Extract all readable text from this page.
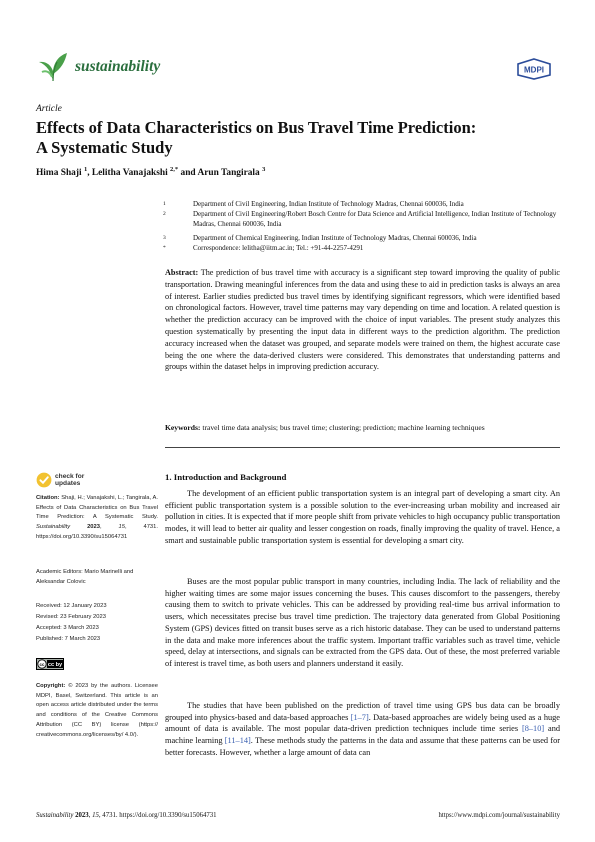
sustainability	MDPI
Article
Effects of Data Characteristics on Bus Travel Time Prediction:
A Systematic Study
Hima Shaji $^1$, Lelitha Vanajakshi $^{2,*}$ and Arun Tangirala $^3$
1	Department of Civil Engineering, Indian Institute of Technology Madras, Chennai 600036, India
2	Department of Civil Engineering/Robert Bosch Centre for Data Science and Artificial Intelligence, Indian Institute of Technology Madras, Chennai 600036, India
3	Department of Chemical Engineering, Indian Institute of Technology Madras, Chennai 600036, India
*	Correspondence: lelitha@iitm.ac.in; Tel.: +91-44-2257-4291
Abstract: The prediction of bus travel time with accuracy is a significant step toward improving the quality of public transportation. Drawing meaningful inferences from the data and using these to aid in prediction tasks is always an area of interest. Earlier studies predicted bus travel times by identifying significant regressors, which were identified based on chronological factors. However, travel time patterns may vary depending on time and location. A related question is whether the prediction accuracy can be improved with the choice of input variables. The present study analyzes this question systematically by presenting the input data in different ways to the prediction algorithm. The prediction accuracy increased when the dataset was grouped, and separate models were trained on them, the highest accurate case being the one where the data-derived clusters were considered. This demonstrates that understanding patterns and groups within the dataset helps in improving prediction accuracy.
Keywords: travel time data analysis; bus travel time; clustering; prediction; machine learning techniques
check for
updates
Citation: Shaji, H.; Vanajakshi, L.; Tangirala, A. Effects of Data Characteristics on Bus Travel Time Prediction: A Systematic Study. Sustainability	2023, 15, 4731. https://doi.org/10.3390/su15064731
Academic Editors: Mario Marinelli and Aleksandar Colovic
Received: 12 January 2023
Revised: 23 February 2023
Accepted: 3 March 2023
Published: 7 March 2023
cc cc by
Copyright: © 2023 by the authors. Licensee MDPI, Basel, Switzerland. This article is an open access article distributed under the terms and conditions of the Creative Commons Attribution (CC BY) license (https:// creativecommons.org/licenses/by/ 4.0/).
1. Introduction and Background
The development of an efficient public transportation system is an integral part of developing a smart city. An efficient public transportation system is a possible solution to the ever-increasing urban mobility and increased air pollution in cities. It is expected that if more people shift from private vehicles to high occupancy public transportation modes, it will lead to better air quality and lesser congestion on roads, finally improving the quality of travel. Hence, a smart and sustainable public transportation system is essential for developing a smart city.
Buses are the most popular public transport in many countries, including India. The lack of reliability and the higher waiting times are some major issues concerning the buses. This causes discomfort to the passengers, thereby causing them to switch to private vehicles. This can be addressed by providing real-time bus arrival information to users, which necessitates precise bus travel time prediction. The trajectory data generated from Global Positioning System (GPS) devices fitted on transit buses serve as a rich historic database. They can be used to understand patterns in the data and make more inferences about the traffic system. Important traffic variables such as travel time, vehicle speed, delay at intersections, and signals can be extracted from the GPS data. Out of these, the most preferred variable of interest is travel time, as both users and planners understand it easily.
The studies that have been published on the prediction of travel time using GPS bus data can be broadly grouped into physics-based and data-based approaches [1–7]. Data-based approaches are widely being used as a huge amount of data is available. The most popular data-driven prediction techniques include time series [8–10] and machine learning [11–14]. These methods study the patterns in the data and assume that these patterns can be used for better forecasts. However, whether a large amount of data can
Sustainability 2023, 15, 4731. https://doi.org/10.3390/su15064731	https://www.mdpi.com/journal/sustainability
